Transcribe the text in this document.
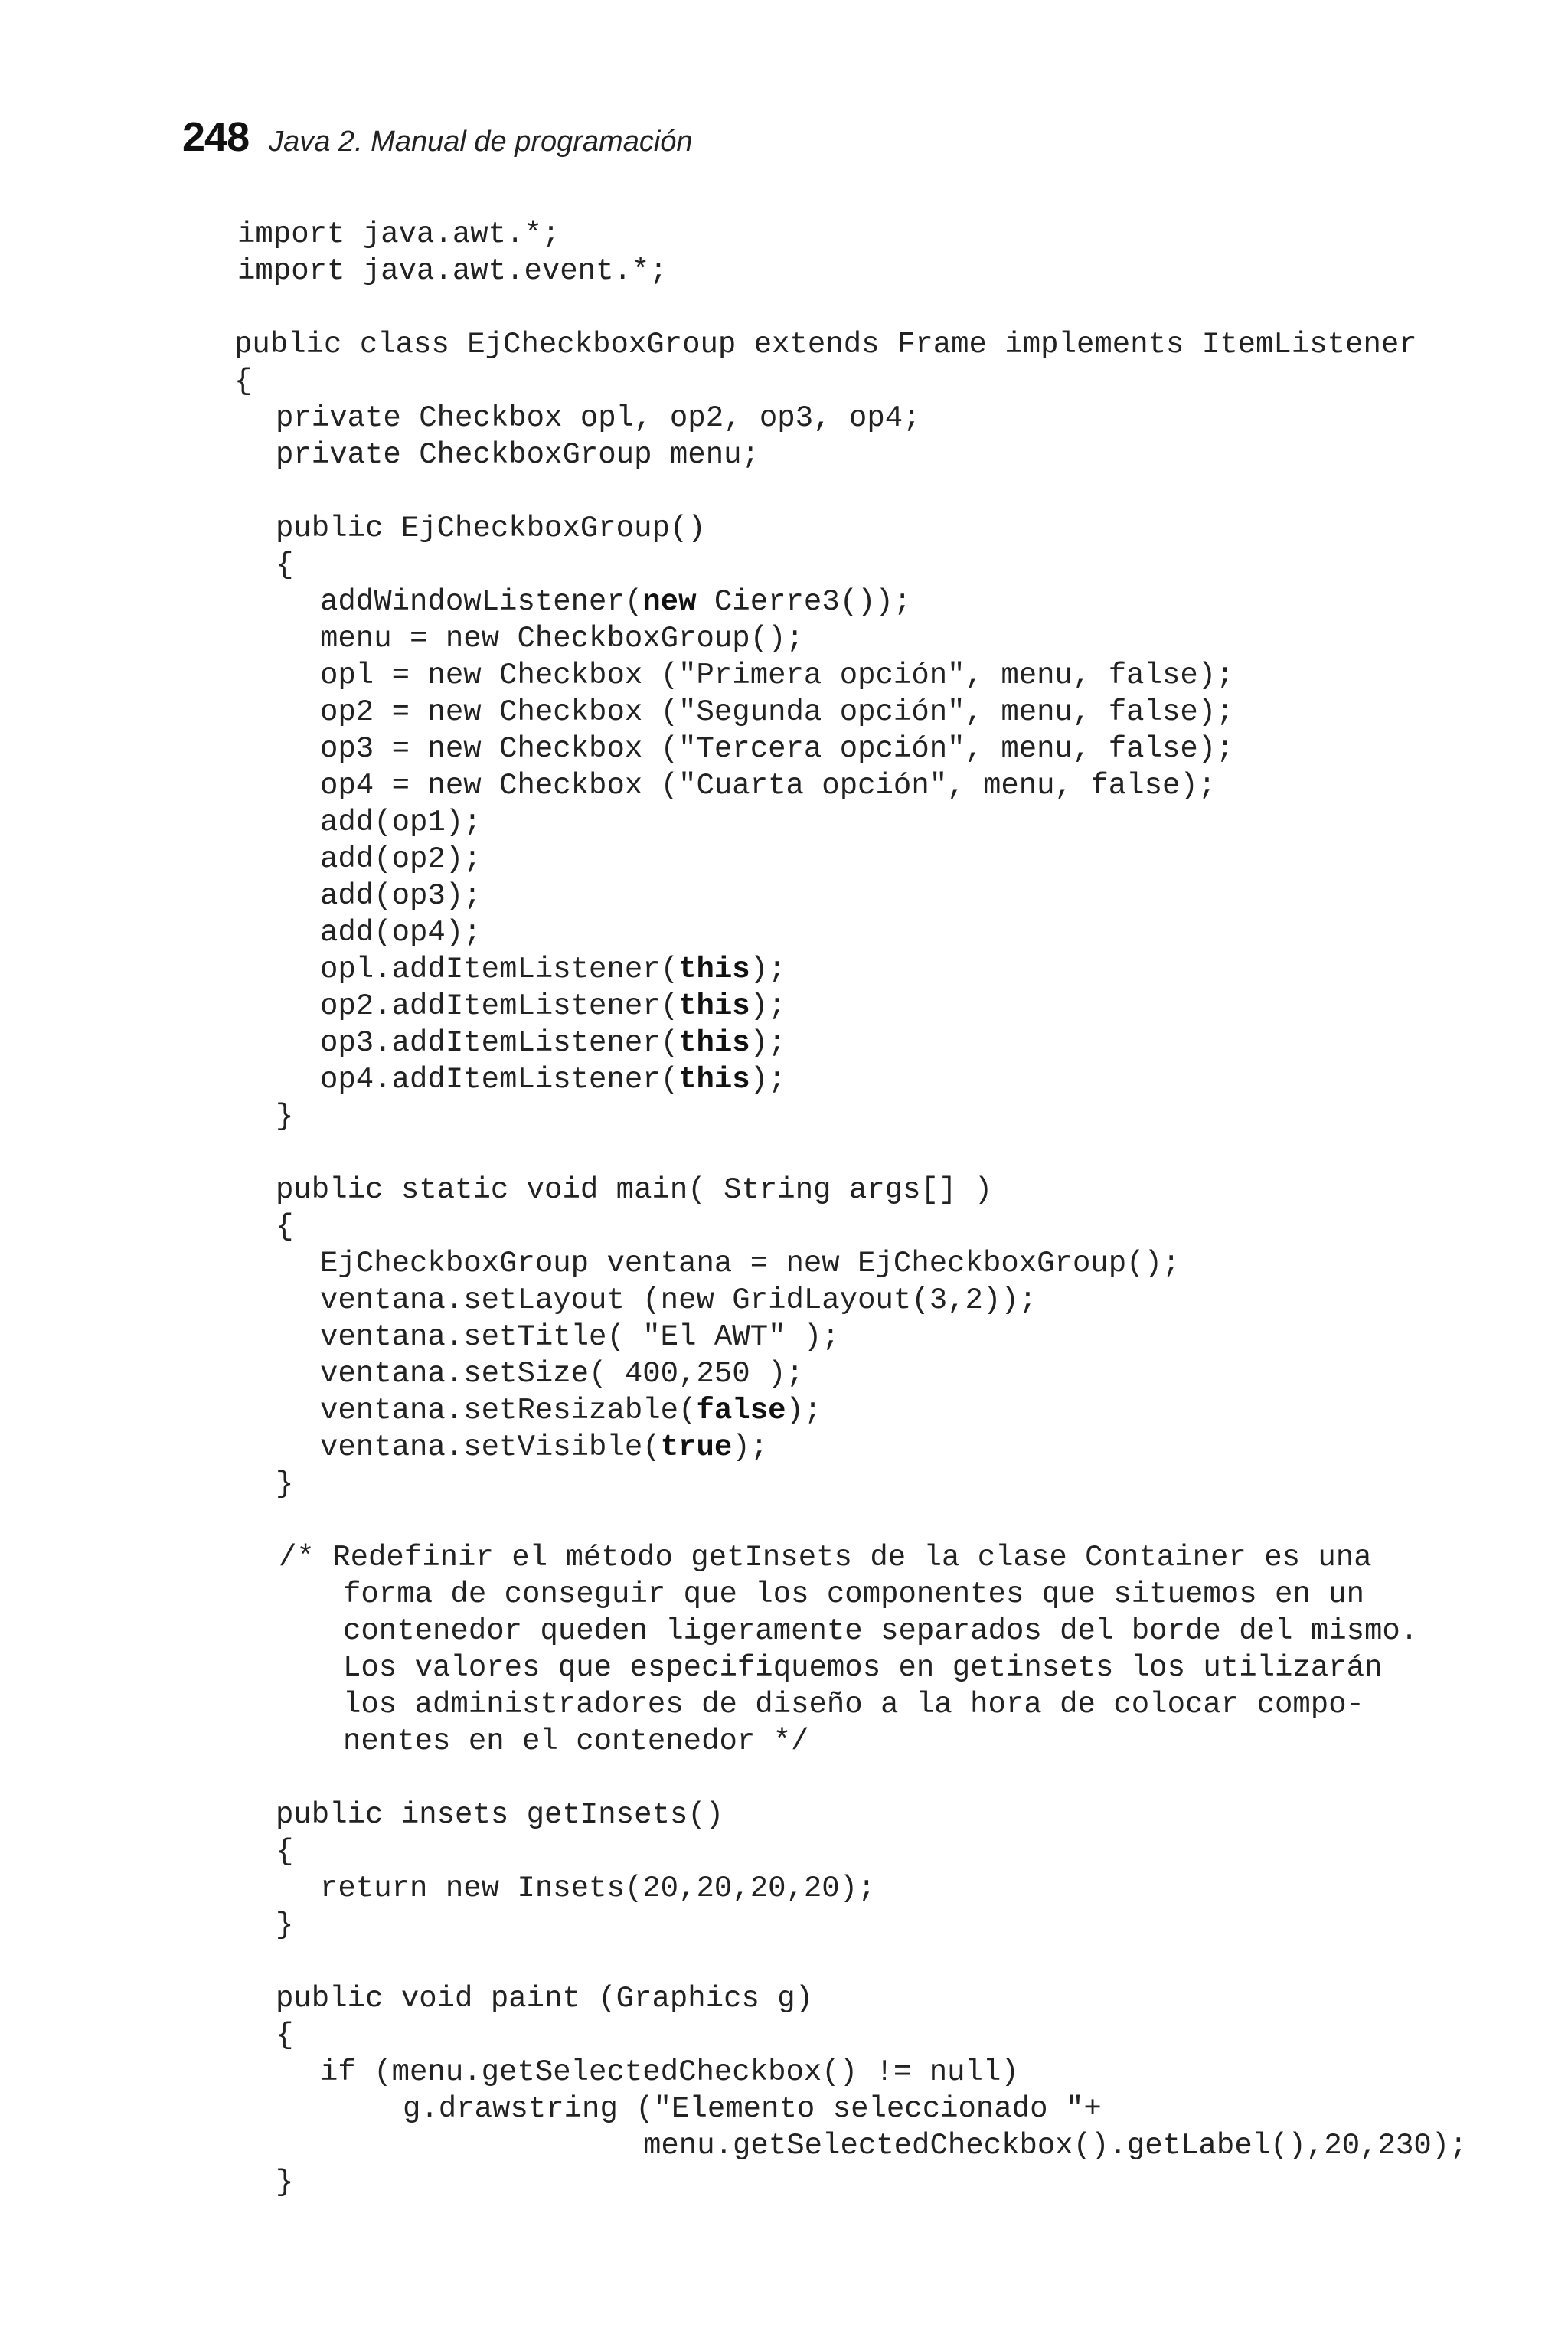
248 Java 2. Manual de programación
import java.awt.*;
import java.awt.event.*;
public class EjCheckboxGroup extends Frame implements ItemListener
{
private Checkbox opl, op2, op3, op4;
private CheckboxGroup menu;
public EjCheckboxGroup()
{
addWindowListener(new Cierre3());
menu = new CheckboxGroup();
opl = new Checkbox ("Primera opción", menu, false);
op2 = new Checkbox ("Segunda opción", menu, false);
op3 = new Checkbox ("Tercera opción", menu, false);
op4 = new Checkbox ("Cuarta opción", menu, false);
add(op1);
add(op2);
add(op3);
add(op4);
opl.addItemListener(this);
op2.addItemListener(this);
op3.addItemListener(this);
op4.addItemListener(this);
}
public static void main( String args[] )
{
EjCheckboxGroup ventana = new EjCheckboxGroup();
ventana.setLayout (new GridLayout(3,2));
ventana.setTitle( "El AWT" );
ventana.setSize( 400,250 );
ventana.setResizable(false);
ventana.setVisible(true);
}
/* Redefinir el método getInsets de la clase Container es una
forma de conseguir que los componentes que situemos en un
contenedor queden ligeramente separados del borde del mismo.
Los valores que especifiquemos en getinsets los utilizarán
los administradores de diseño a la hora de colocar compo-
nentes en el contenedor */
public insets getInsets()
{
return new Insets(20,20,20,20);
}
public void paint (Graphics g)
{
if (menu.getSelectedCheckbox() != null)
g.drawstring ("Elemento seleccionado "+
menu.getSelectedCheckbox().getLabel(),20,230);
}
